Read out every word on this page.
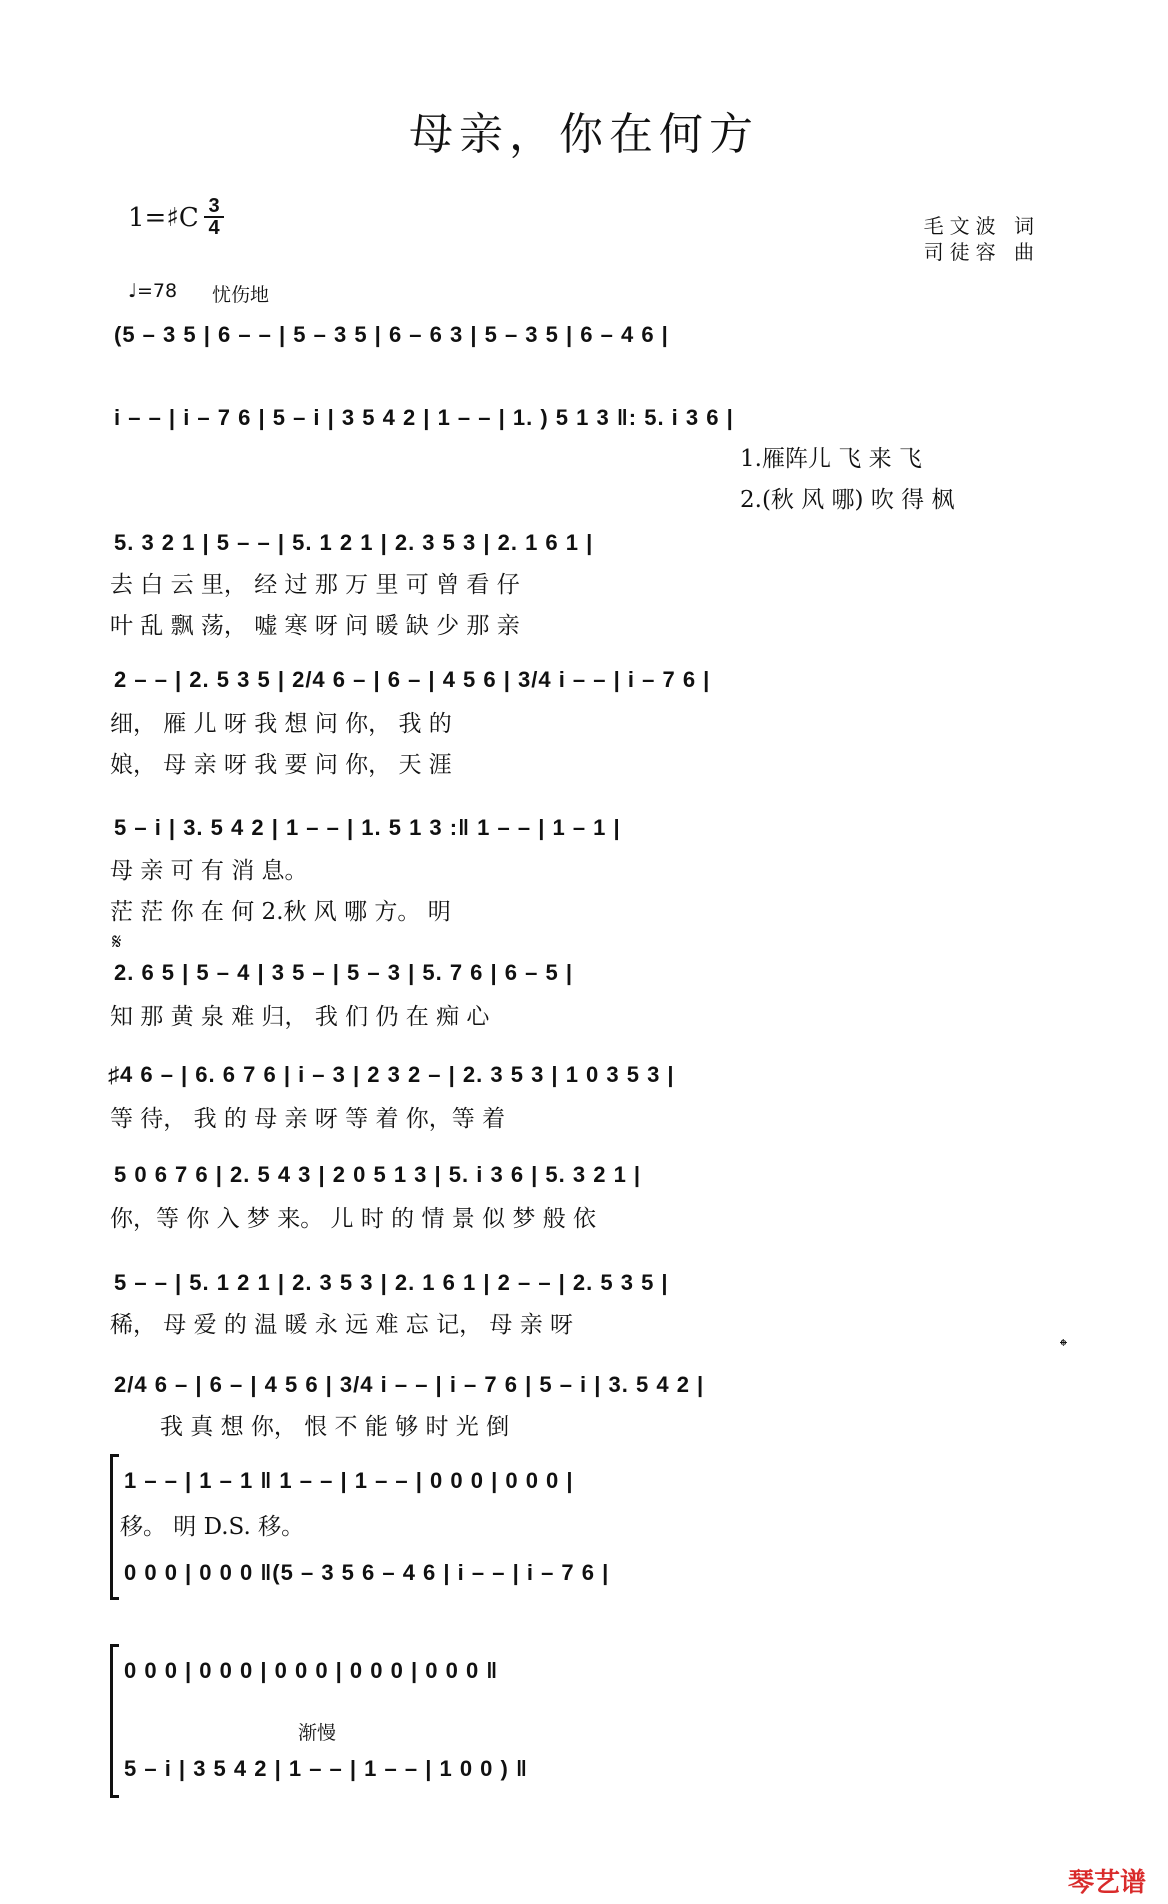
母亲，你在何方
1=♯C 3
4	毛文波 词
司徒容 曲
♩=78 忧伤地
(5 – 3 5 | 6 – – | 5 – 3 5 | 6 – 6 3 | 5 – 3 5 | 6 – 4 6 |
i – – | i – 7 6 | 5 – i | 3 5 4 2 | 1 – – | 1. ) 5 1 3 ‖: 5. i 3 6 |
1.雁阵儿 飞 来 飞
2.(秋 风 哪) 吹 得 枫
5. 3 2 1 | 5 – – | 5. 1 2 1 | 2. 3 5 3 | 2. 1 6 1 |
去 白 云 里， 经 过 那 万 里 可 曾 看 仔
叶 乱 飘 荡， 嘘 寒 呀 问 暖 缺 少 那 亲
2 – – | 2. 5 3 5 | 2/4 6 – | 6 – | 4 5 6 | 3/4 i – – | i – 7 6 |
细， 雁 儿 呀 我 想 问 你， 我 的
娘， 母 亲 呀 我 要 问 你， 天 涯
5 – i | 3. 5 4 2 | 1 – – | 1. 5 1 3 :‖ 1 – – | 1 – 1 |
母 亲 可 有 消 息。
茫 茫 你 在 何 2.秋 风 哪 方。 明
𝄋
2. 6 5 | 5 – 4 | 3 5 – | 5 – 3 | 5. 7 6 | 6 – 5 |
知 那 黄 泉 难 归， 我 们 仍 在 痴 心
♯4 6 – | 6. 6 7 6 | i – 3 | 2 3 2 – | 2. 3 5 3 | 1 0 3 5 3 |
等 待， 我 的 母 亲 呀 等 着 你，等 着
5 0 6 7 6 | 2. 5 4 3 | 2 0 5 1 3 | 5. i 3 6 | 5. 3 2 1 |
你，等 你 入 梦 来。 儿 时 的 情 景 似 梦 般 依
5 – – | 5. 1 2 1 | 2. 3 5 3 | 2. 1 6 1 | 2 – – | 2. 5 3 5 |
稀， 母 爱 的 温 暖 永 远 难 忘 记， 母 亲 呀
𝄌
2/4 6 – | 6 – | 4 5 6 | 3/4 i – – | i – 7 6 | 5 – i | 3. 5 4 2 |
我 真 想 你， 恨 不 能 够 时 光 倒
1 – – | 1 – 1 ‖ 1 – – | 1 – – | 0 0 0 | 0 0 0 |
移。 明 D.S. 移。
0 0 0 | 0 0 0 ‖(5 – 3 5 6 – 4 6 | i – – | i – 7 6 |
0 0 0 | 0 0 0 | 0 0 0 | 0 0 0 | 0 0 0 ‖
渐慢
5 – i | 3 5 4 2 | 1 – – | 1 – – | 1 0 0 ) ‖
琴艺谱
